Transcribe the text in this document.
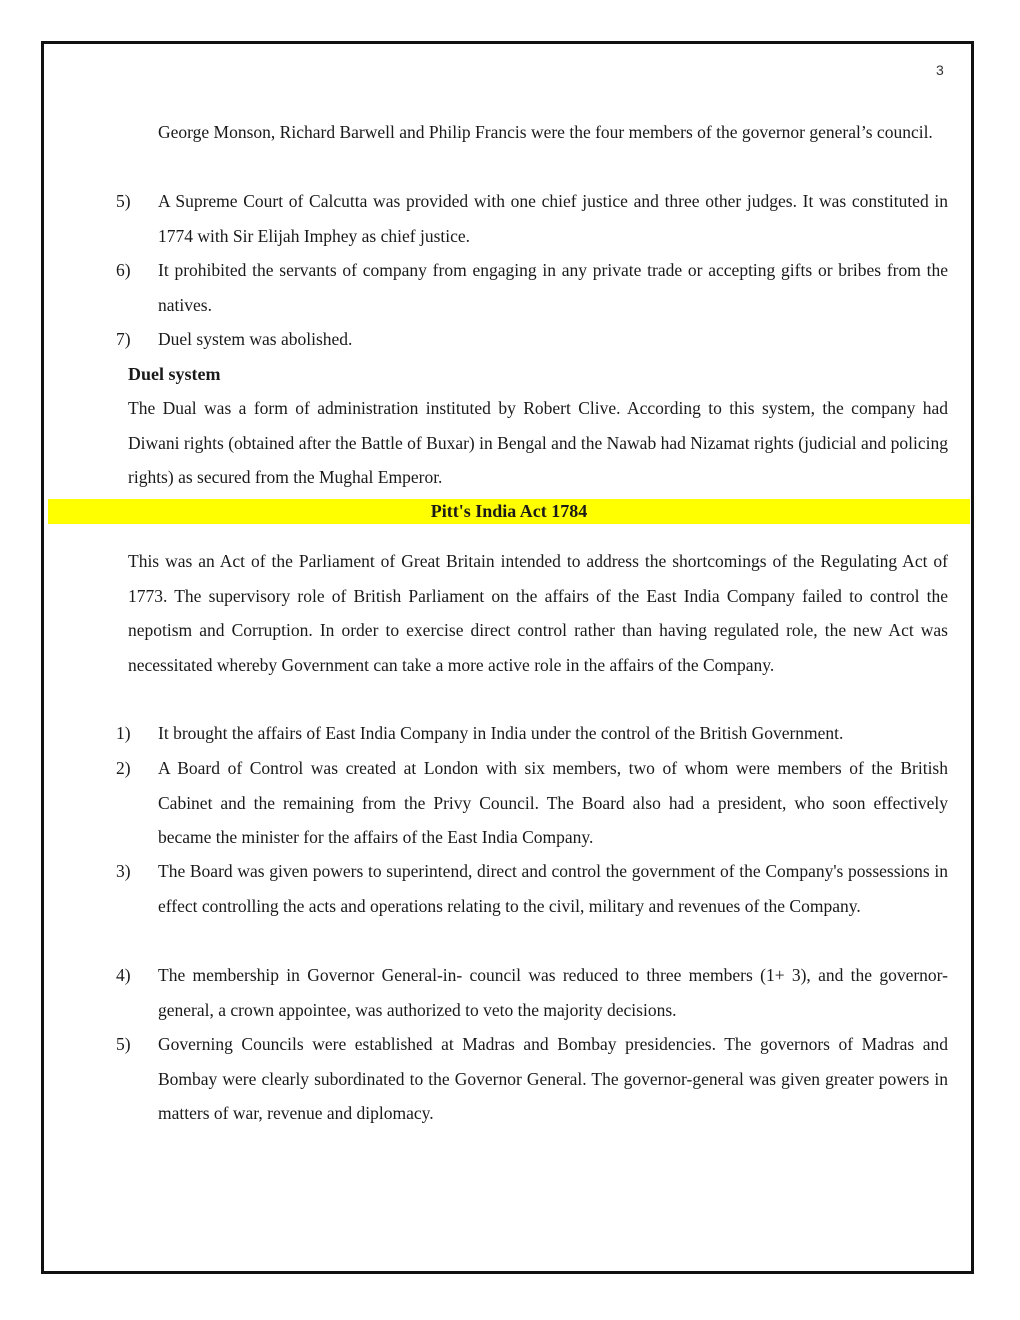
3
George Monson, Richard Barwell and Philip Francis were the four members of the governor general’s council.
5)	A Supreme Court of Calcutta was provided with one chief justice and three other judges. It was constituted in 1774 with Sir Elijah Imphey as chief justice.
6)	It prohibited the servants of company from engaging in any private trade or accepting gifts or bribes from the natives.
7)	Duel system was abolished.
Duel system
The Dual was a form of administration instituted by Robert Clive. According to this system, the company had Diwani rights (obtained after the Battle of Buxar) in Bengal and the Nawab had Nizamat rights (judicial and policing rights) as secured from the Mughal Emperor.
Pitt's India Act 1784
This was an Act of the Parliament of Great Britain intended to address the shortcomings of the Regulating Act of 1773. The supervisory role of British Parliament on the affairs of the East India Company failed to control the nepotism and Corruption. In order to exercise direct control rather than having regulated role, the new Act was necessitated whereby Government can take a more active role in the affairs of the Company.
1)	It brought the affairs of East India Company in India under the control of the British Government.
2)	A Board of Control was created at London with six members, two of whom were members of the British Cabinet and the remaining from the Privy Council. The Board also had a president, who soon effectively became the minister for the affairs of the East India Company.
3)	The Board was given powers to superintend, direct and control the government of the Company's possessions in effect controlling the acts and operations relating to the civil, military and revenues of the Company.
4)	The membership in Governor General-in- council was reduced to three members (1+ 3), and the governor-general, a crown appointee, was authorized to veto the majority decisions.
5)	Governing Councils were established at Madras and Bombay presidencies. The governors of Madras and Bombay were clearly subordinated to the Governor General. The governor-general was given greater powers in matters of war, revenue and diplomacy.
